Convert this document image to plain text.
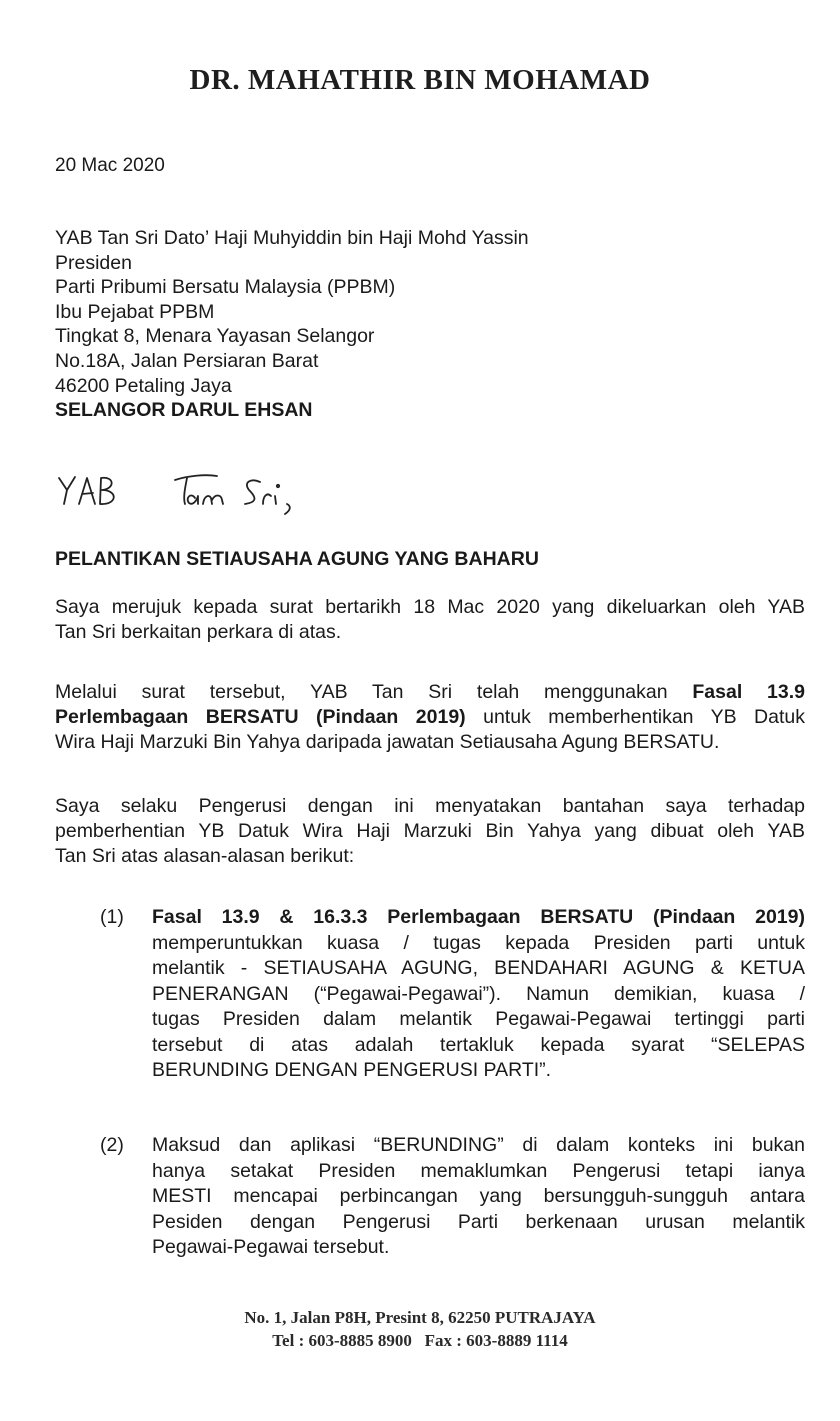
DR. MAHATHIR BIN MOHAMAD
20 Mac 2020
YAB Tan Sri Dato’ Haji Muhyiddin bin Haji Mohd Yassin
Presiden
Parti Pribumi Bersatu Malaysia (PPBM)
Ibu Pejabat PPBM
Tingkat 8, Menara Yayasan Selangor
No.18A, Jalan Persiaran Barat
46200 Petaling Jaya
SELANGOR DARUL EHSAN
PELANTIKAN SETIAUSAHA AGUNG YANG BAHARU
Saya merujuk kepada surat bertarikh 18 Mac 2020 yang dikeluarkan oleh YAB
Tan Sri berkaitan perkara di atas.
Melalui surat tersebut, YAB Tan Sri telah menggunakan Fasal 13.9
Perlembagaan BERSATU (Pindaan 2019) untuk memberhentikan YB Datuk
Wira Haji Marzuki Bin Yahya daripada jawatan Setiausaha Agung BERSATU.
Saya selaku Pengerusi dengan ini menyatakan bantahan saya terhadap
pemberhentian YB Datuk Wira Haji Marzuki Bin Yahya yang dibuat oleh YAB
Tan Sri atas alasan-alasan berikut:
(1) Fasal 13.9 & 16.3.3 Perlembagaan BERSATU (Pindaan 2019)
memperuntukkan kuasa / tugas kepada Presiden parti untuk
melantik - SETIAUSAHA AGUNG, BENDAHARI AGUNG & KETUA
PENERANGAN (“Pegawai-Pegawai”). Namun demikian, kuasa /
tugas Presiden dalam melantik Pegawai-Pegawai tertinggi parti
tersebut di atas adalah tertakluk kepada syarat “SELEPAS
BERUNDING DENGAN PENGERUSI PARTI”.
(2) Maksud dan aplikasi “BERUNDING” di dalam konteks ini bukan
hanya setakat Presiden memaklumkan Pengerusi tetapi ianya
MESTI mencapai perbincangan yang bersungguh-sungguh antara
Pesiden dengan Pengerusi Parti berkenaan urusan melantik
Pegawai-Pegawai tersebut.
No. 1, Jalan P8H, Presint 8, 62250 PUTRAJAYA
Tel : 603-8885 8900   Fax : 603-8889 1114
